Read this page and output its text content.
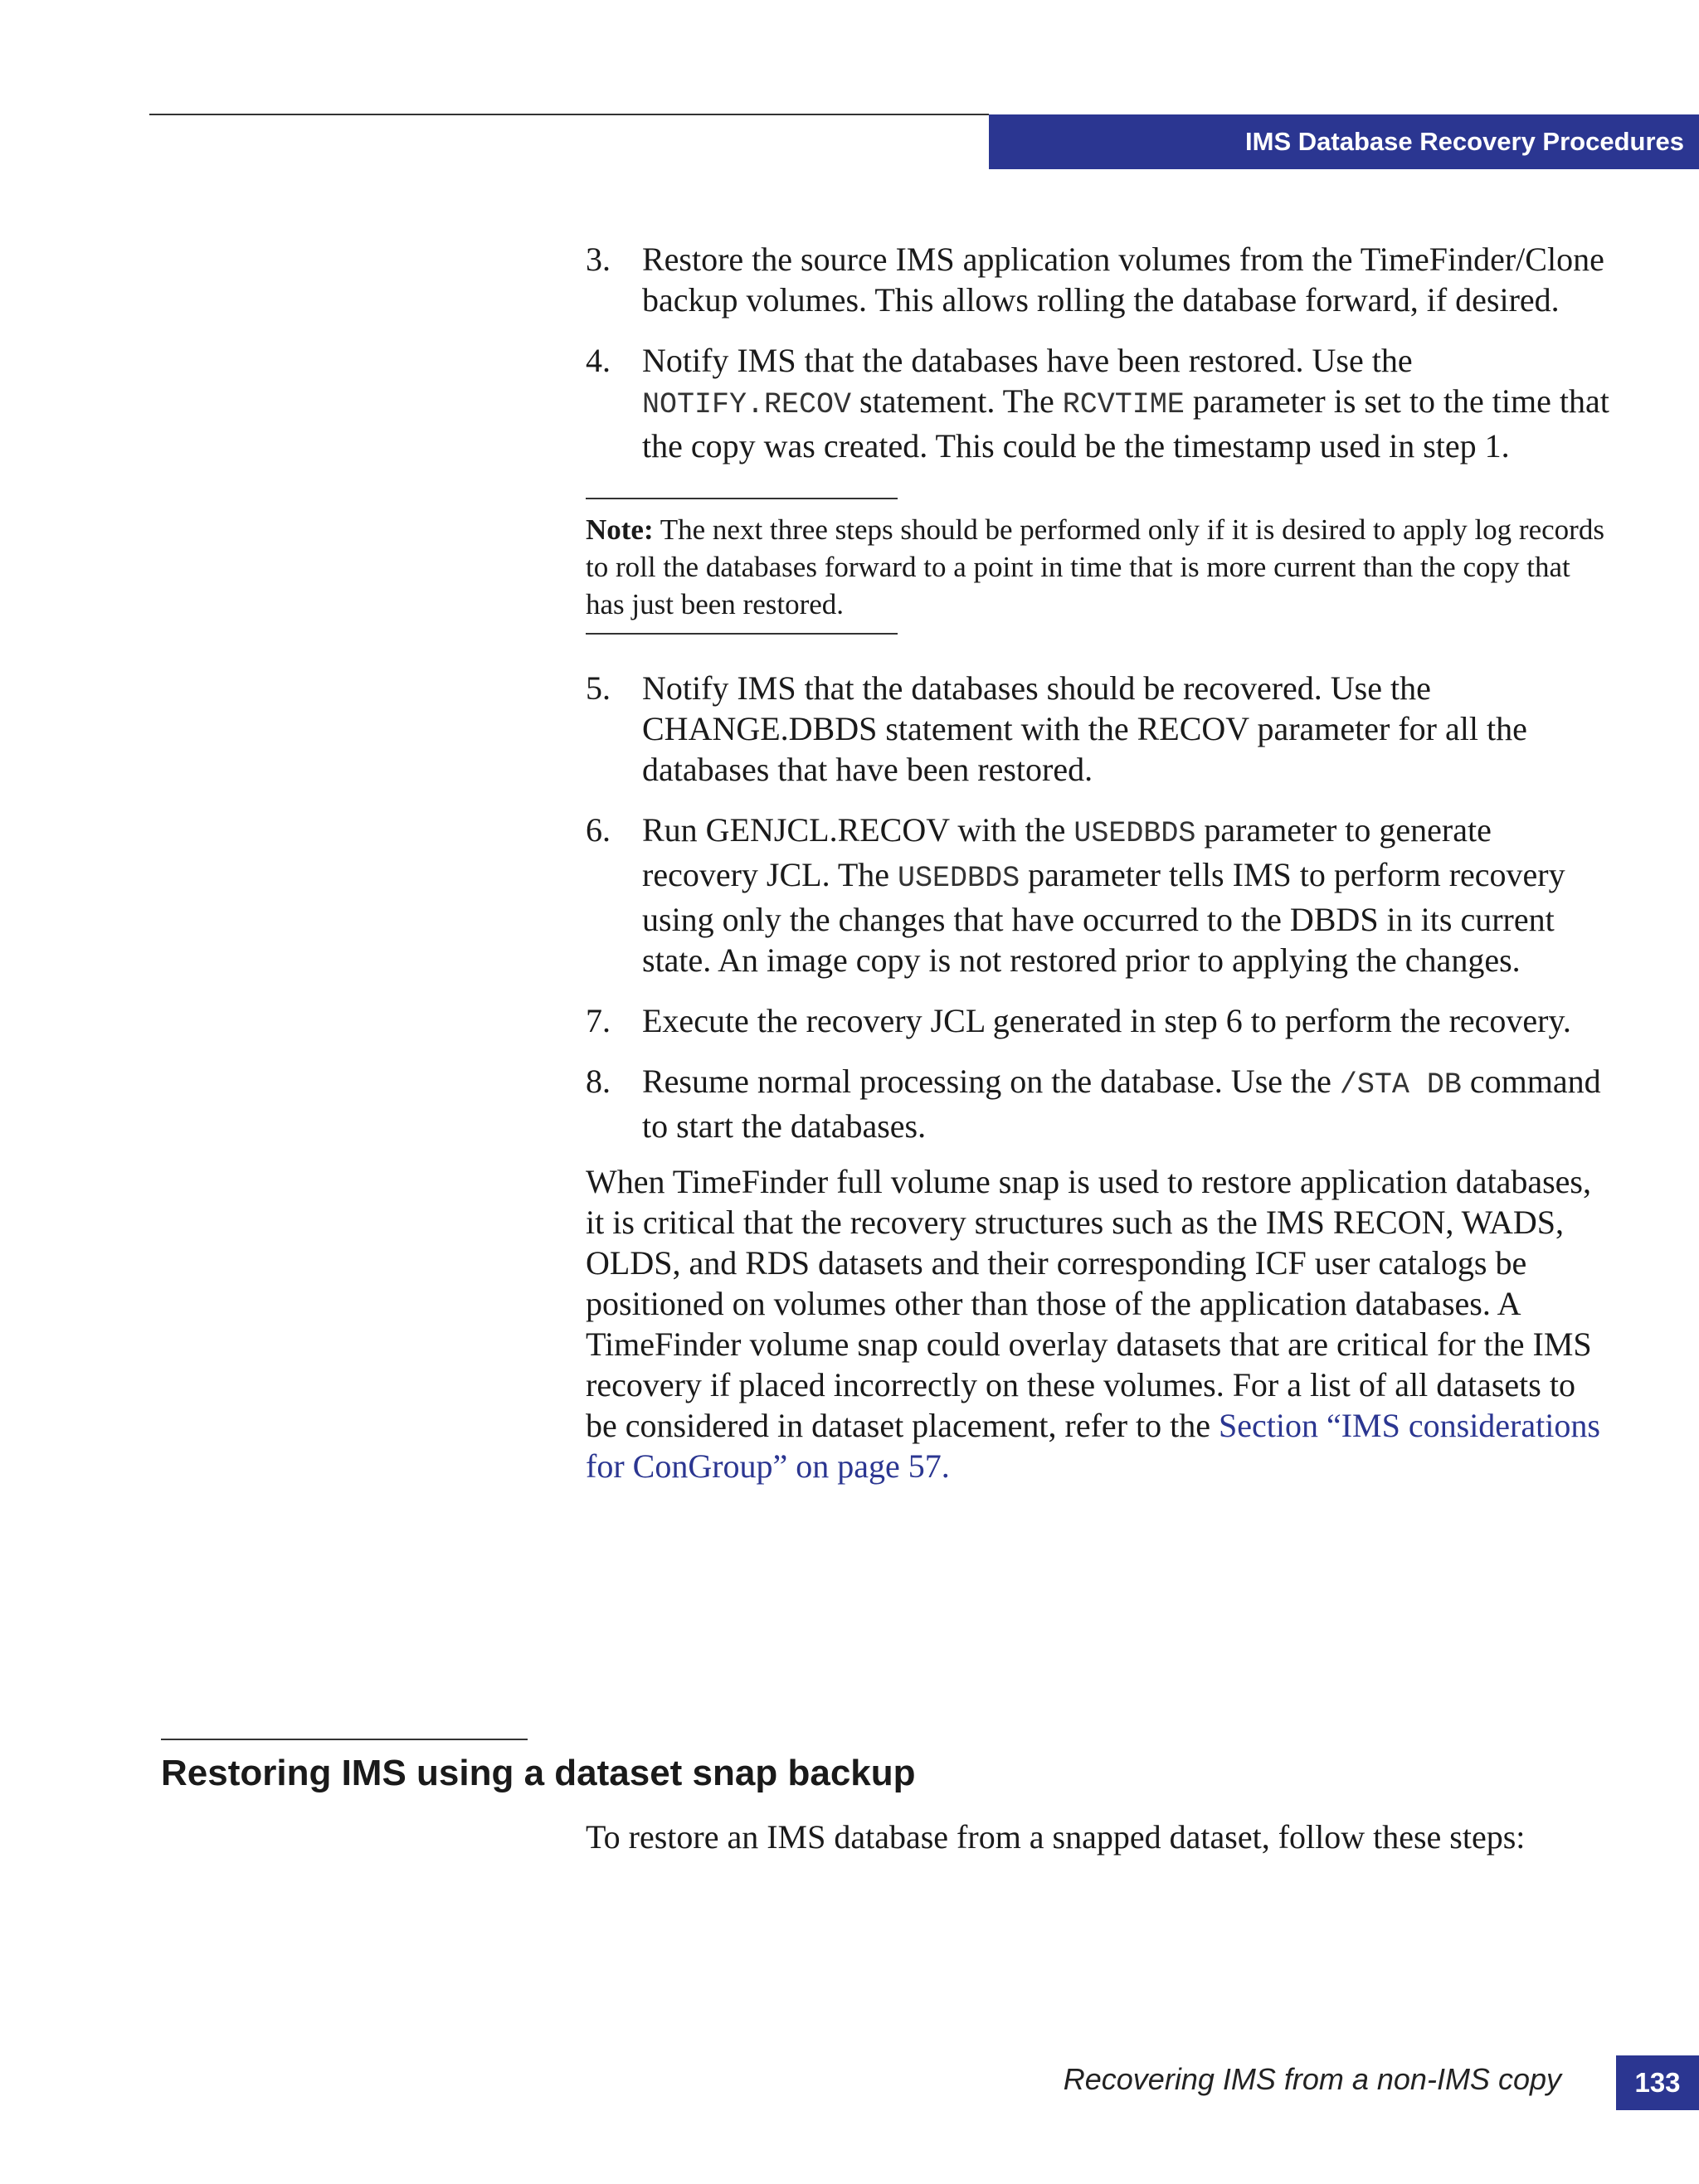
IMS Database Recovery Procedures
3. Restore the source IMS application volumes from the TimeFinder/Clone backup volumes. This allows rolling the database forward, if desired.
4. Notify IMS that the databases have been restored. Use the NOTIFY.RECOV statement. The RCVTIME parameter is set to the time that the copy was created. This could be the timestamp used in step 1.
Note: The next three steps should be performed only if it is desired to apply log records to roll the databases forward to a point in time that is more current than the copy that has just been restored.
5. Notify IMS that the databases should be recovered. Use the CHANGE.DBDS statement with the RECOV parameter for all the databases that have been restored.
6. Run GENJCL.RECOV with the USEDBDS parameter to generate recovery JCL. The USEDBDS parameter tells IMS to perform recovery using only the changes that have occurred to the DBDS in its current state. An image copy is not restored prior to applying the changes.
7. Execute the recovery JCL generated in step 6 to perform the recovery.
8. Resume normal processing on the database. Use the /STA DB command to start the databases.

When TimeFinder full volume snap is used to restore application databases, it is critical that the recovery structures such as the IMS RECON, WADS, OLDS, and RDS datasets and their corresponding ICF user catalogs be positioned on volumes other than those of the application databases. A TimeFinder volume snap could overlay datasets that are critical for the IMS recovery if placed incorrectly on these volumes. For a list of all datasets to be considered in dataset placement, refer to the Section “IMS considerations for ConGroup” on page 57.

Restoring IMS using a dataset snap backup
To restore an IMS database from a snapped dataset, follow these steps:
Recovering IMS from a non-IMS copy	133
